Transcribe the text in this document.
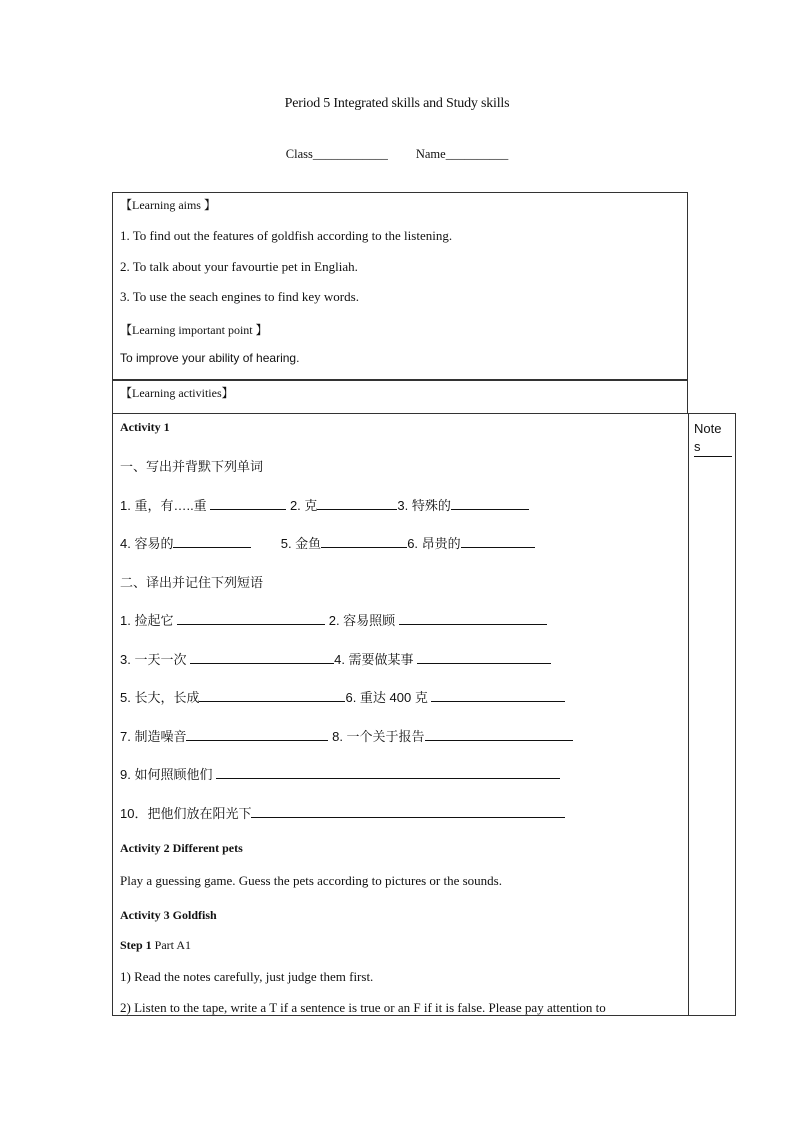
Period 5 Integrated skills and Study skills
Class____________ Name__________
Note
s
【Learning aims 】
1. To find out the features of goldfish according to the listening.
2. To talk about your favourtie pet in Engliah.
3. To use the seach engines to find key words.
【Learning important point 】
To improve your ability of hearing.
【Learning activities】
Activity 1
一、写出并背默下列单词
1. 重，有…..重	2. 克	3. 特殊的
4. 容易的	5. 金鱼	6. 昂贵的
二、译出并记住下列短语
1. 捡起它	2. 容易照顾
3. 一天一次	4. 需要做某事
5. 长大，长成	6. 重达 400 克
7. 制造噪音	8. 一个关于报告
9. 如何照顾他们
10．把他们放在阳光下
Activity 2 Different pets
Play a guessing game. Guess the pets according to pictures or the sounds.
Activity 3 Goldfish
Step 1 Part A1
1) Read the notes carefully, just judge them first.
2) Listen to the tape, write a T if a sentence is true or an F if it is false. Please pay attention to
